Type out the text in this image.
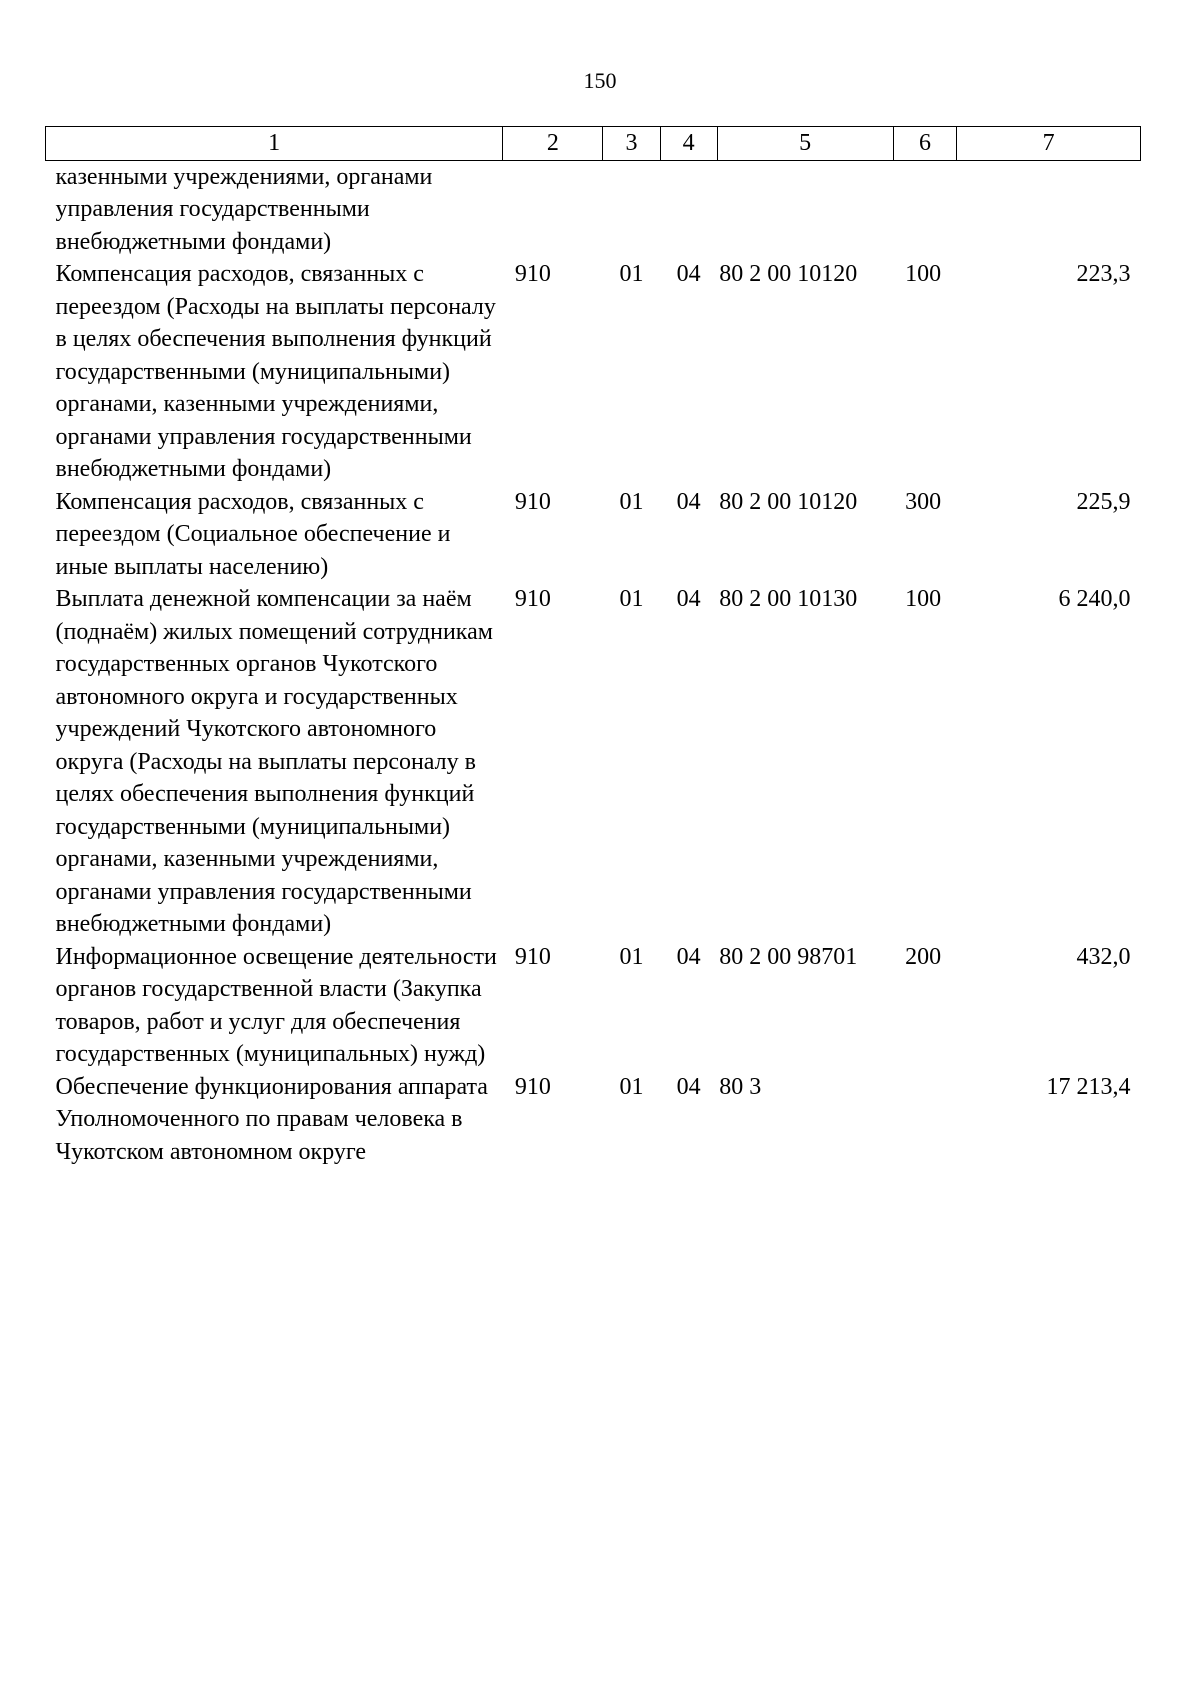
150
1	2	3	4	5	6	7
казенными учреждениями, органами управления государственными внебюджетными фондами)						
Компенсация расходов, связанных с переездом (Расходы на выплаты персоналу в целях обеспечения выполнения функций государственными (муниципальными) органами, казенными учреждениями, органами управления государственными внебюджетными фондами)	910	01	04	80 2 00 10120	100	223,3
Компенсация расходов, связанных с переездом (Социальное обеспечение и иные выплаты населению)	910	01	04	80 2 00 10120	300	225,9
Выплата денежной компенсации за наём (поднаём) жилых помещений сотрудникам государственных органов Чукотского автономного округа и государственных учреждений Чукотского автономного округа (Расходы на выплаты персоналу в целях обеспечения выполнения функций государственными (муниципальными) органами, казенными учреждениями, органами управления государственными внебюджетными фондами)	910	01	04	80 2 00 10130	100	6 240,0
Информационное освещение деятельности органов государственной власти (Закупка товаров, работ и услуг для обеспечения государственных (муниципальных) нужд)	910	01	04	80 2 00 98701	200	432,0
Обеспечение функционирования аппарата Уполномоченного по правам человека в Чукотском автономном округе	910	01	04	80 3		17 213,4
